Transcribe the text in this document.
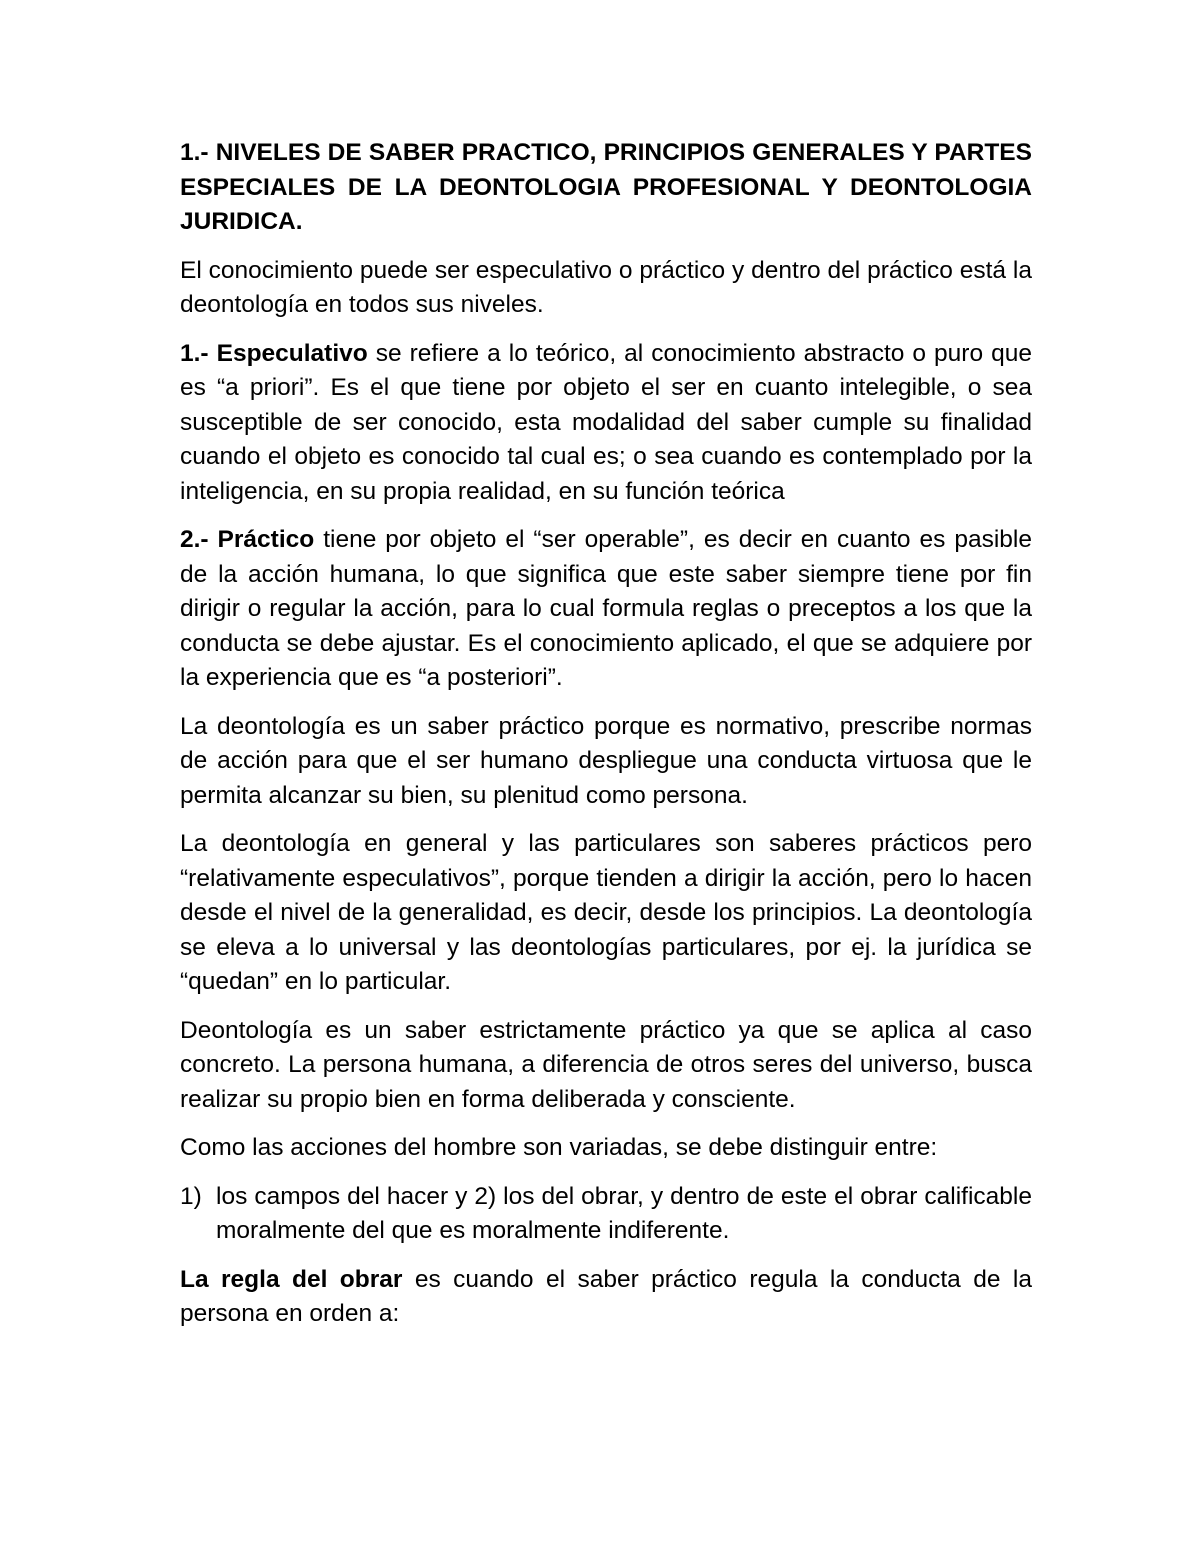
1.- NIVELES DE SABER PRACTICO, PRINCIPIOS GENERALES Y PARTES ESPECIALES DE LA DEONTOLOGIA PROFESIONAL Y DEONTOLOGIA JURIDICA.
El conocimiento puede ser especulativo o práctico y dentro del práctico está la deontología en todos sus niveles.
1.- Especulativo se refiere a lo teórico, al conocimiento abstracto o puro que es “a priori”. Es el que tiene por objeto el ser en cuanto intelegible, o sea susceptible de ser conocido, esta modalidad del saber cumple su finalidad cuando el objeto es conocido tal cual es; o sea cuando es contemplado por la inteligencia, en su propia realidad, en su función teórica
2.- Práctico tiene por objeto el “ser operable”, es decir en cuanto es pasible de la acción humana, lo que significa que este saber siempre tiene por fin dirigir o regular la acción, para lo cual formula reglas o preceptos a los que la conducta se debe ajustar. Es el conocimiento aplicado, el que se adquiere por la experiencia que es “a posteriori”.
La deontología es un saber práctico porque es normativo, prescribe normas de acción para que el ser humano despliegue una conducta virtuosa que le permita alcanzar su bien, su plenitud como persona.
La deontología en general y las particulares son saberes prácticos pero “relativamente especulativos”, porque tienden a dirigir la acción, pero lo hacen desde el nivel de la generalidad, es decir, desde los principios. La deontología se eleva a lo universal y las deontologías particulares, por ej. la jurídica se “quedan” en lo particular.
Deontología es un saber estrictamente práctico ya que se aplica al caso concreto. La persona humana, a diferencia de otros seres del universo, busca realizar su propio bien en forma deliberada y consciente.
Como las acciones del hombre son variadas, se debe distinguir entre:
1) los campos del hacer y 2) los del obrar, y dentro de este el obrar calificable moralmente del que es moralmente indiferente.
La regla del obrar es cuando el saber práctico regula la conducta de la persona en orden a:
